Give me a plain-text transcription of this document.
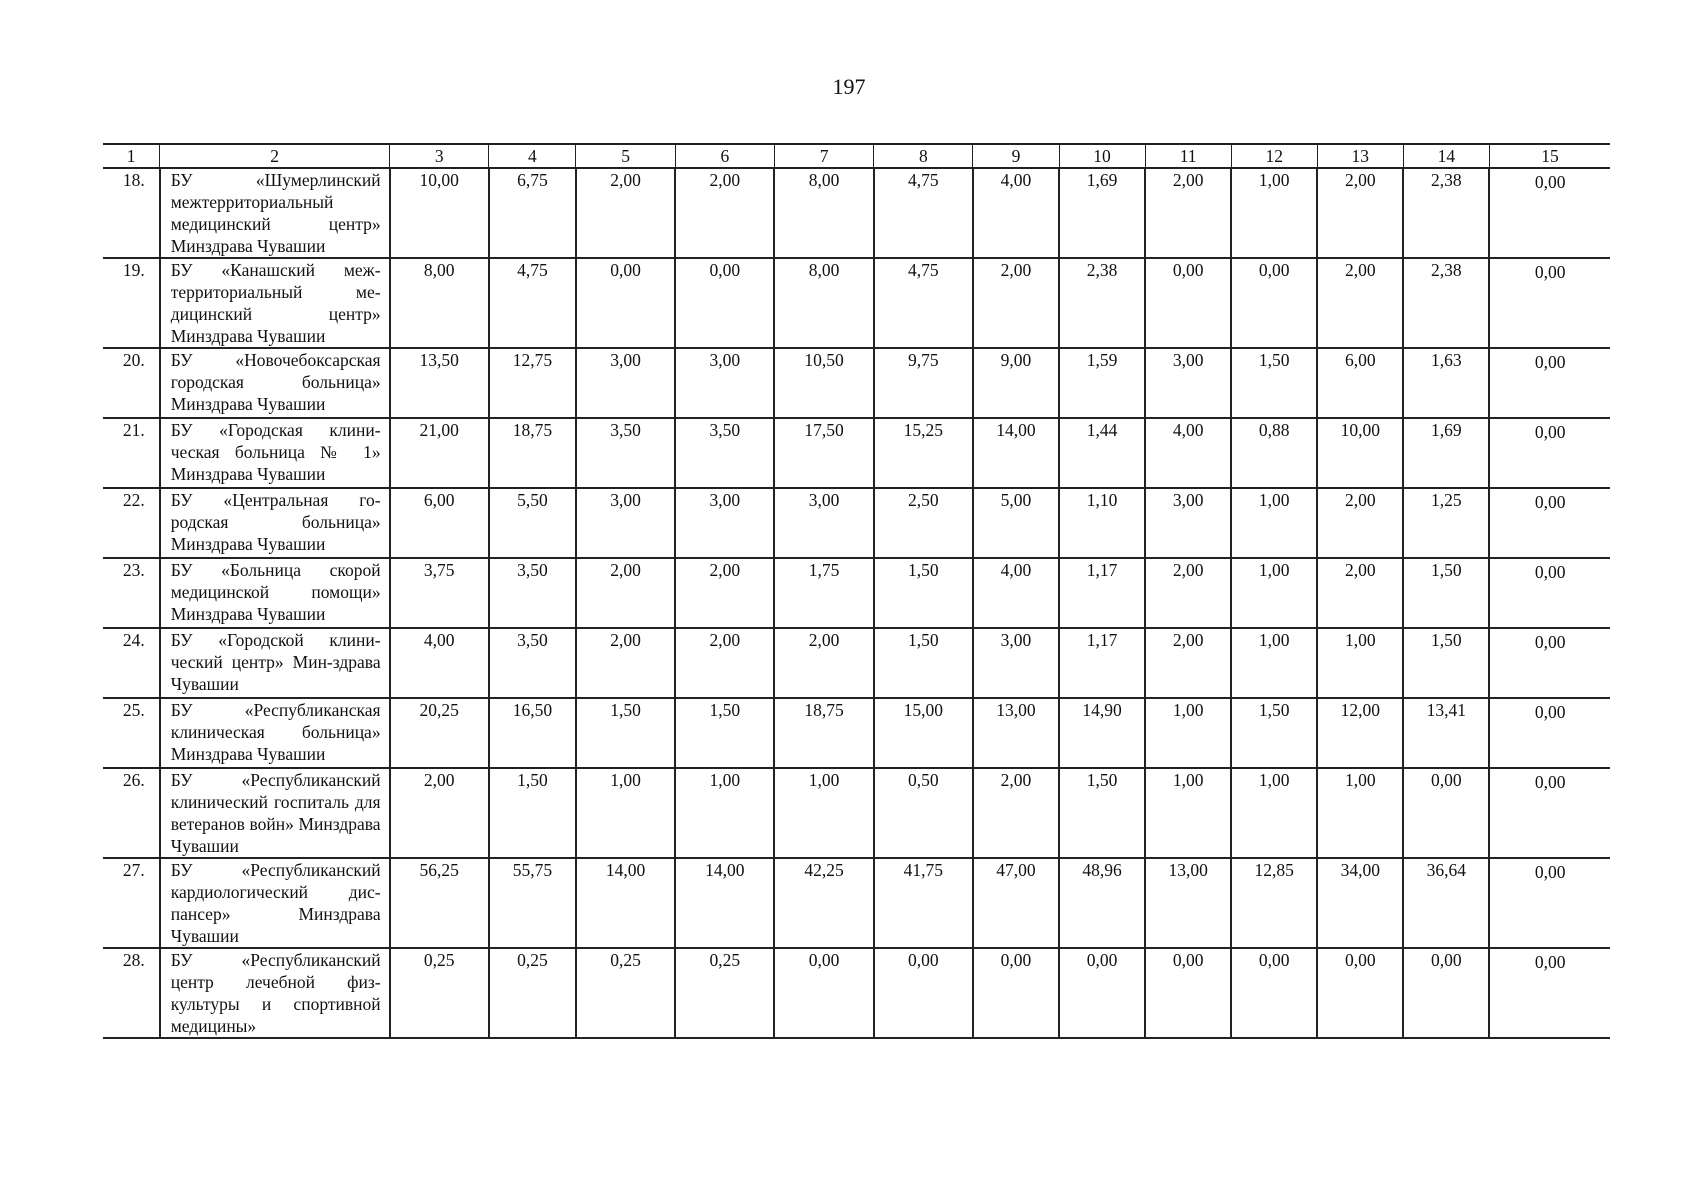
197
1	2	3	4	5	6	7	8	9	10	11	12	13	14	15
18.	БУ «Шумерлинский межтерриториальный медицинский центр» Минздрава Чувашии	10,00	6,75	2,00	2,00	8,00	4,75	4,00	1,69	2,00	1,00	2,00	2,38	0,00
19.	БУ «Канашский меж-территориальный ме-дицинский центр» Минздрава Чувашии	8,00	4,75	0,00	0,00	8,00	4,75	2,00	2,38	0,00	0,00	2,00	2,38	0,00
20.	БУ «Новочебоксарская городская больница» Минздрава Чувашии	13,50	12,75	3,00	3,00	10,50	9,75	9,00	1,59	3,00	1,50	6,00	1,63	0,00
21.	БУ «Городская клини-ческая больница № 1» Минздрава Чувашии	21,00	18,75	3,50	3,50	17,50	15,25	14,00	1,44	4,00	0,88	10,00	1,69	0,00
22.	БУ «Центральная го-родская больница» Минздрава Чувашии	6,00	5,50	3,00	3,00	3,00	2,50	5,00	1,10	3,00	1,00	2,00	1,25	0,00
23.	БУ «Больница скорой медицинской помощи» Минздрава Чувашии	3,75	3,50	2,00	2,00	1,75	1,50	4,00	1,17	2,00	1,00	2,00	1,50	0,00
24.	БУ «Городской клини-ческий центр» Мин-здрава Чувашии	4,00	3,50	2,00	2,00	2,00	1,50	3,00	1,17	2,00	1,00	1,00	1,50	0,00
25.	БУ «Республиканская клиническая больница» Минздрава Чувашии	20,25	16,50	1,50	1,50	18,75	15,00	13,00	14,90	1,00	1,50	12,00	13,41	0,00
26.	БУ «Республиканский клинический госпиталь для ветеранов войн» Минздрава Чувашии	2,00	1,50	1,00	1,00	1,00	0,50	2,00	1,50	1,00	1,00	1,00	0,00	0,00
27.	БУ «Республиканский кардиологический дис-пансер» Минздрава Чувашии	56,25	55,75	14,00	14,00	42,25	41,75	47,00	48,96	13,00	12,85	34,00	36,64	0,00
28.	БУ «Республиканский центр лечебной физ-культуры и спортивной медицины»	0,25	0,25	0,25	0,25	0,00	0,00	0,00	0,00	0,00	0,00	0,00	0,00	0,00
